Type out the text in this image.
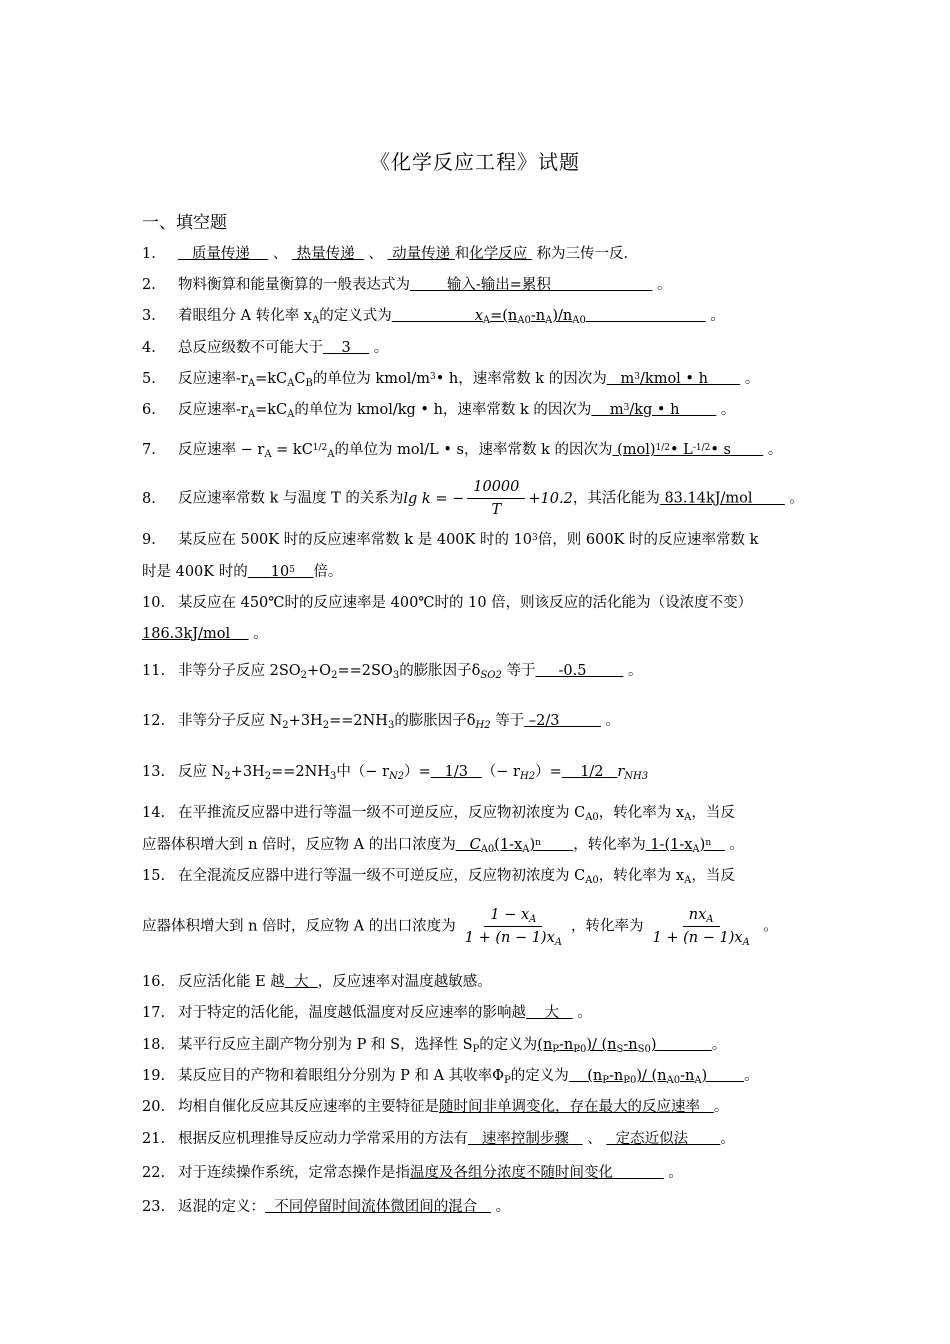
《化学反应工程》试题
一、填空题
1. 质量传递 、 热量传递 、 动量传递 和化学反应 称为三传一反.
2. 物料衡算和能量衡算的一般表达式为	输入-输出=累积	。
3. 着眼组分 A 转化率 $x_A$的定义式为	$x_A=(n_{A0}-n_A)/n_{A0}$	。
4. 总反应级数不可能大于 3 。
5. 反应速率$-r_A=kC_AC_B$的单位为 kmol/$m^3•$ h，速率常数 k 的因次为 $m^3$/kmol • h	。
6. 反应速率$-r_A=kC_A$的单位为 kmol/kg • h，速率常数 k 的因次为 $m^3/kg$ • h	。
7. 反应速率 − $r_A = kC^{1/2}_A$的单位为 mol/L • s，速率常数 k 的因次为 (mol)$^{1/2}$• $L^{-1/2}•$ s	。
8. 反应速率常数 k 与温度 T 的关系为lg k = − $\frac{10000}{T} +10.2$，其活化能为 83.14kJ/mol	。
9. 某反应在 500K 时的反应速率常数 k 是 400K 时的 $10^3$倍，则 600K 时的反应速率常数 k
时是 400K 时的 $10^5$ 倍。
10. 某反应在 450℃时的反应速率是 400℃时的 10 倍，则该反应的活化能为（设浓度不变）
186.3kJ/mol 。
11. 非等分子反应 $2SO_2+O_2==2SO_3$的膨胀因子$\delta_{SO2}$ 等于 -0.5	。
12. 非等分子反应 $N_2+3H_2==2NH_3$的膨胀因子$\delta_{H2}$ 等于 –2/3	。
13. 反应 $N_2+3H_2==2NH_3$中（− $r_{N2})= 1/3$ （− $r_{H2})= 1/2$ $r_{NH3}$
14. 在平推流反应器中进行等温一级不可逆反应，反应物初浓度为 $C_{A0}$，转化率为 $x_A$，当反
应器体积增大到 n 倍时，反应物 A 的出口浓度为 $C_{A0}(1-x_A)^n$ ，转化率为 $1-(1-x_A)^n$ 。
15. 在全混流反应器中进行等温一级不可逆反应，反应物初浓度为 $C_{A0}$，转化率为 $x_A$，当反
应器体积增大到 n 倍时，反应物 A 的出口浓度为 $\frac{1 - x_A}{1 + (n - 1)x_A}$ ，转化率为 $\frac{nx_A}{1 + (n - 1)x_A}$ 。
16. 反应活化能 E 越 大 ，反应速率对温度越敏感。
17. 对于特定的活化能，温度越低温度对反应速率的影响越 大 。
18. 某平行反应主副产物分别为 P 和 S，选择性 $S_P$的定义为$(n_P-n_{P0})/$ $(n_S-n_{S0})$	。
19. 某反应目的产物和着眼组分分别为 P 和 A 其收率$\Phi_P$的定义为 $(n_P-n_{P0})/$ $(n_{A0}-n_A)$	。
20. 均相自催化反应其反应速率的主要特征是随时间非单调变化，存在最大的反应速率 。
21. 根据反应机理推导反应动力学常采用的方法有 速率控制步骤 、 定态近似法 。
22. 对于连续操作系统，定常态操作是指温度及各组分浓度不随时间变化	。
23. 返混的定义： 不同停留时间流体微团间的混合 。
